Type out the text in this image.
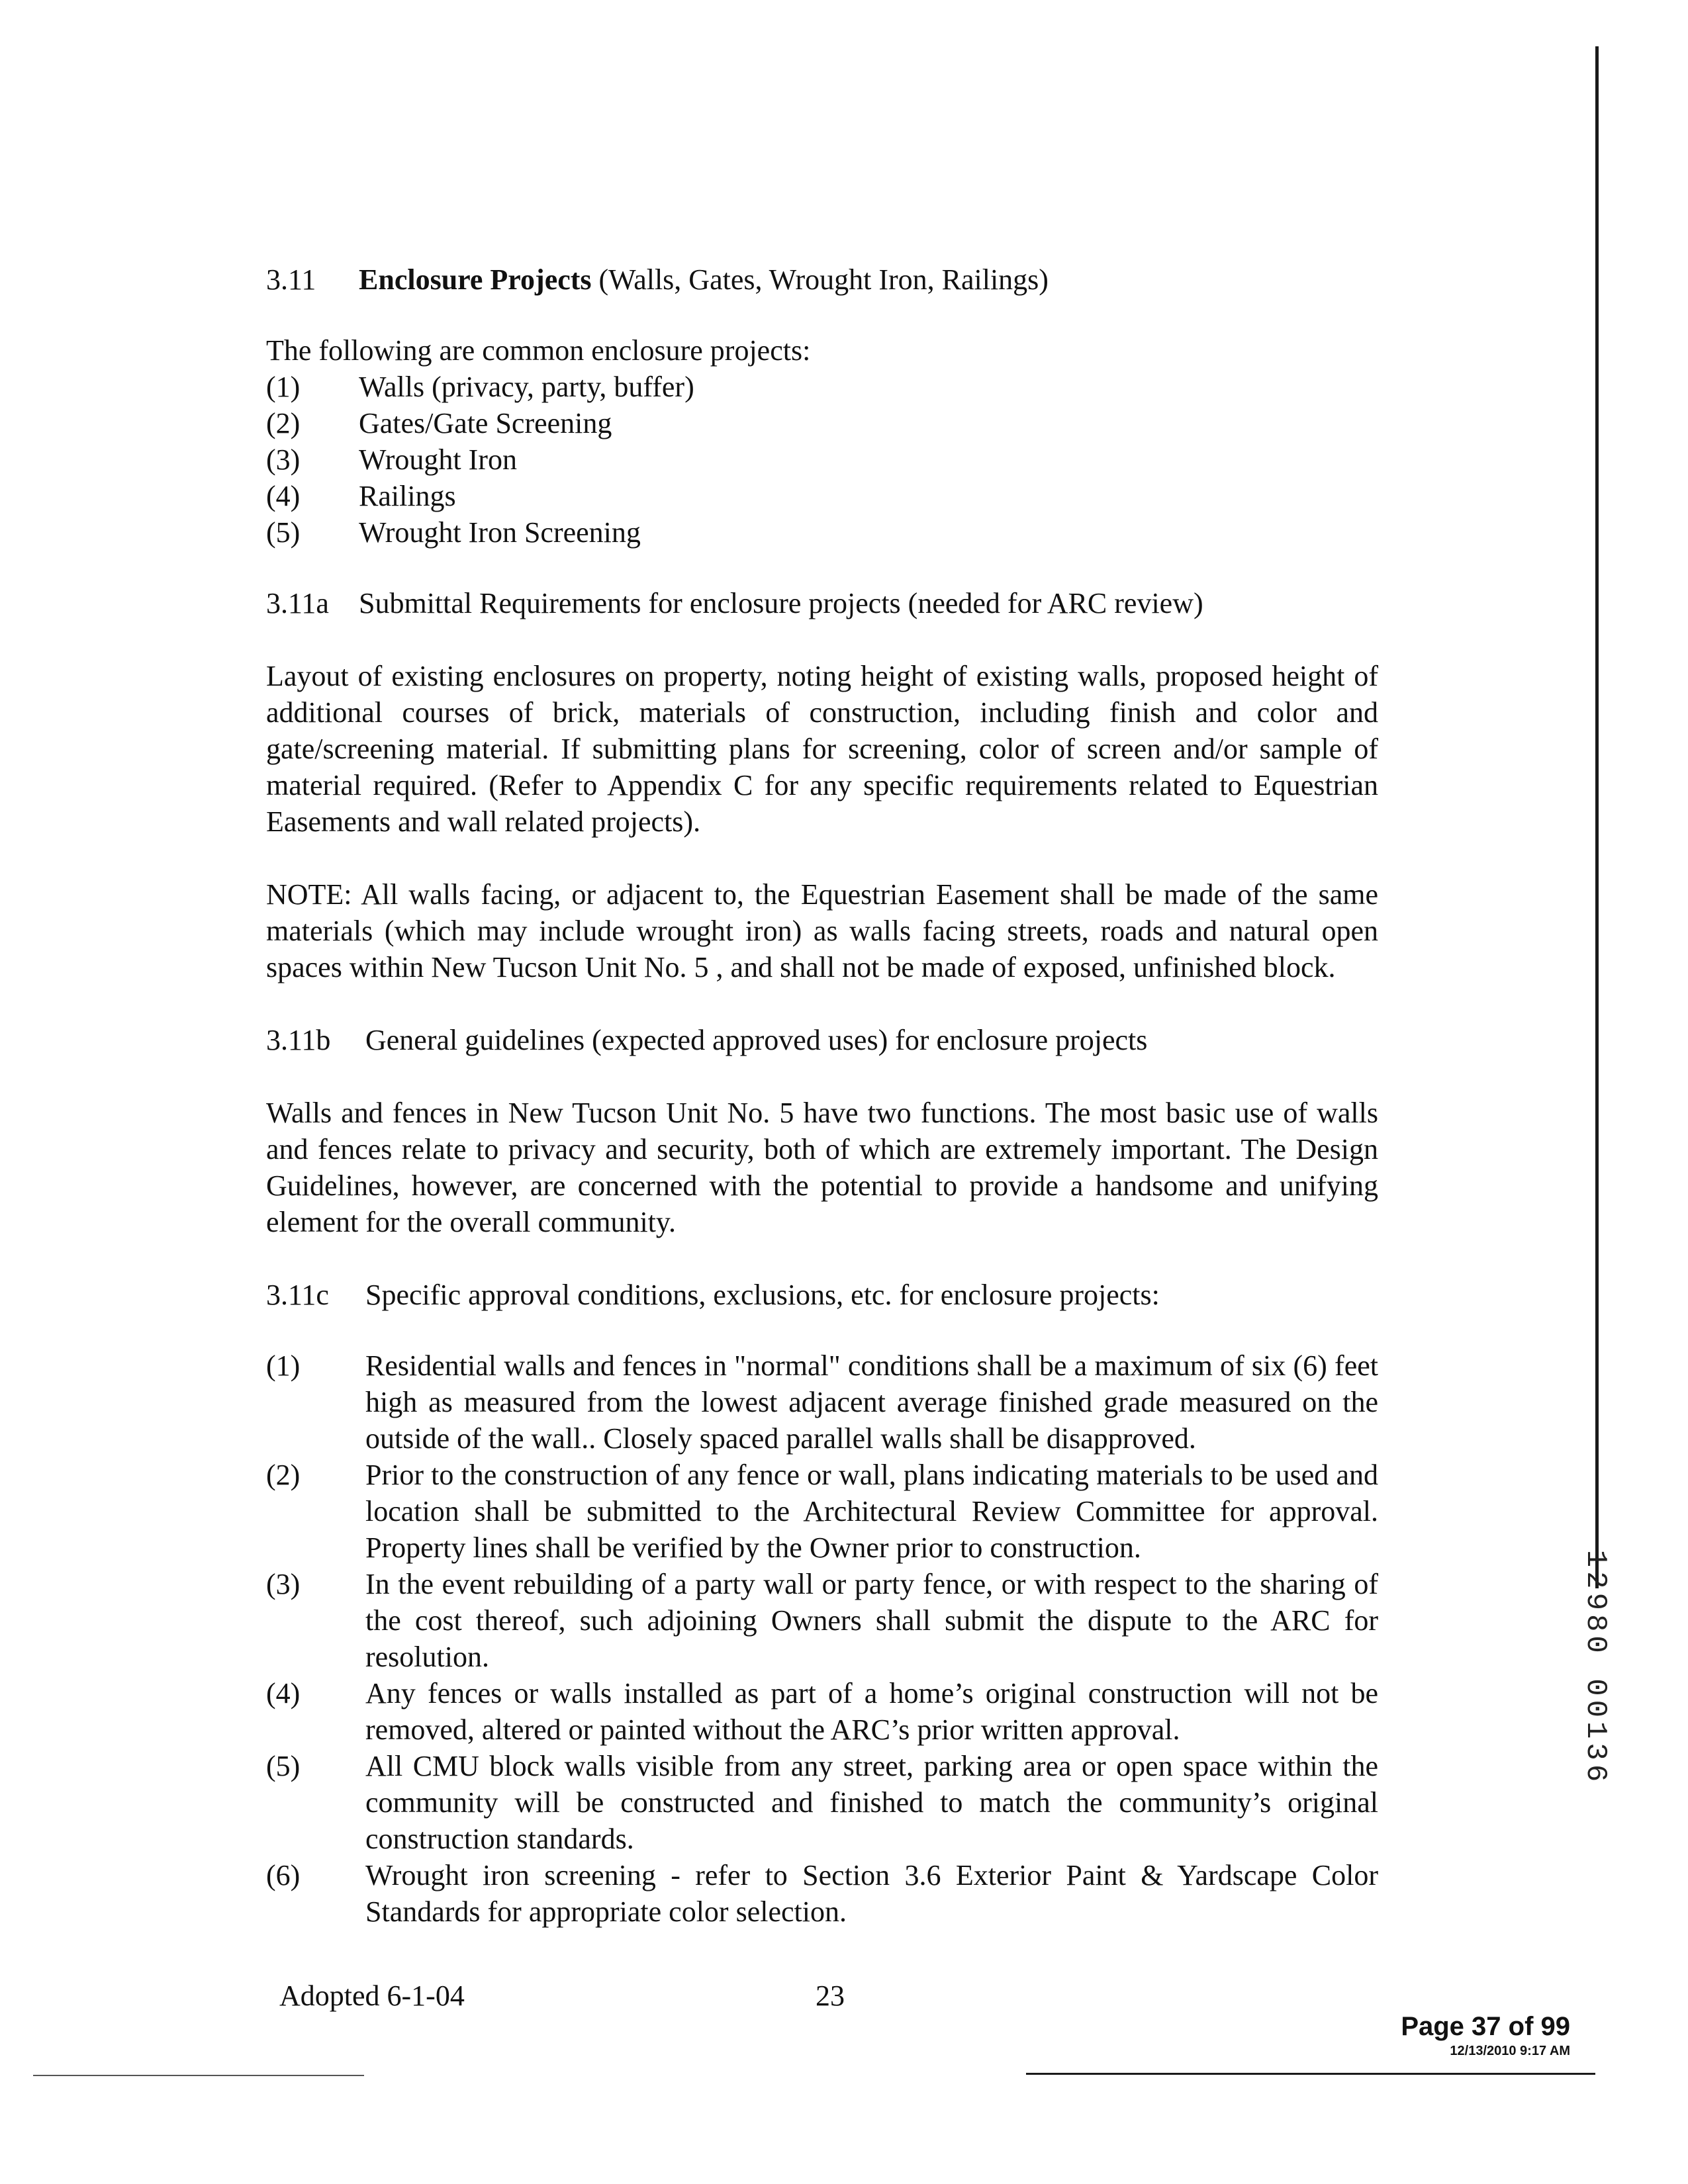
3.11 Enclosure Projects (Walls, Gates, Wrought Iron, Railings)

The following are common enclosure projects:

(1)	Walls (privacy, party, buffer)
(2)	Gates/Gate Screening
(3)	Wrought Iron
(4)	Railings
(5)	Wrought Iron Screening

3.11a Submittal Requirements for enclosure projects (needed for ARC review)

Layout of existing enclosures on property, noting height of existing walls, proposed height of additional courses of brick, materials of construction, including finish and color and gate/screening material. If submitting plans for screening, color of screen and/or sample of material required. (Refer to Appendix C for any specific requirements related to Equestrian Easements and wall related projects).

NOTE: All walls facing, or adjacent to, the Equestrian Easement shall be made of the same materials (which may include wrought iron) as walls facing streets, roads and natural open spaces within New Tucson Unit No. 5 , and shall not be made of exposed, unfinished block.

3.11b General guidelines (expected approved uses) for enclosure projects

Walls and fences in New Tucson Unit No. 5 have two functions. The most basic use of walls and fences relate to privacy and security, both of which are extremely important. The Design Guidelines, however, are concerned with the potential to provide a handsome and unifying element for the overall community.

3.11c Specific approval conditions, exclusions, etc. for enclosure projects:

(1)	Residential walls and fences in "normal" conditions shall be a maximum of six (6) feet high as measured from the lowest adjacent average finished grade measured on the outside of the wall.. Closely spaced parallel walls shall be disapproved.
(2)	Prior to the construction of any fence or wall, plans indicating materials to be used and location shall be submitted to the Architectural Review Committee for approval. Property lines shall be verified by the Owner prior to construction.
(3)	In the event rebuilding of a party wall or party fence, or with respect to the sharing of the cost thereof, such adjoining Owners shall submit the dispute to the ARC for resolution.
(4)	Any fences or walls installed as part of a home’s original construction will not be removed, altered or painted without the ARC’s prior written approval.
(5)	All CMU block walls visible from any street, parking area or open space within the community will be constructed and finished to match the community’s original construction standards.
(6)	Wrought iron screening - refer to Section 3.6 Exterior Paint & Yardscape Color Standards for appropriate color selection.
12980 00136
Adopted 6-1-04	23
Page 37 of 99
12/13/2010 9:17 AM
